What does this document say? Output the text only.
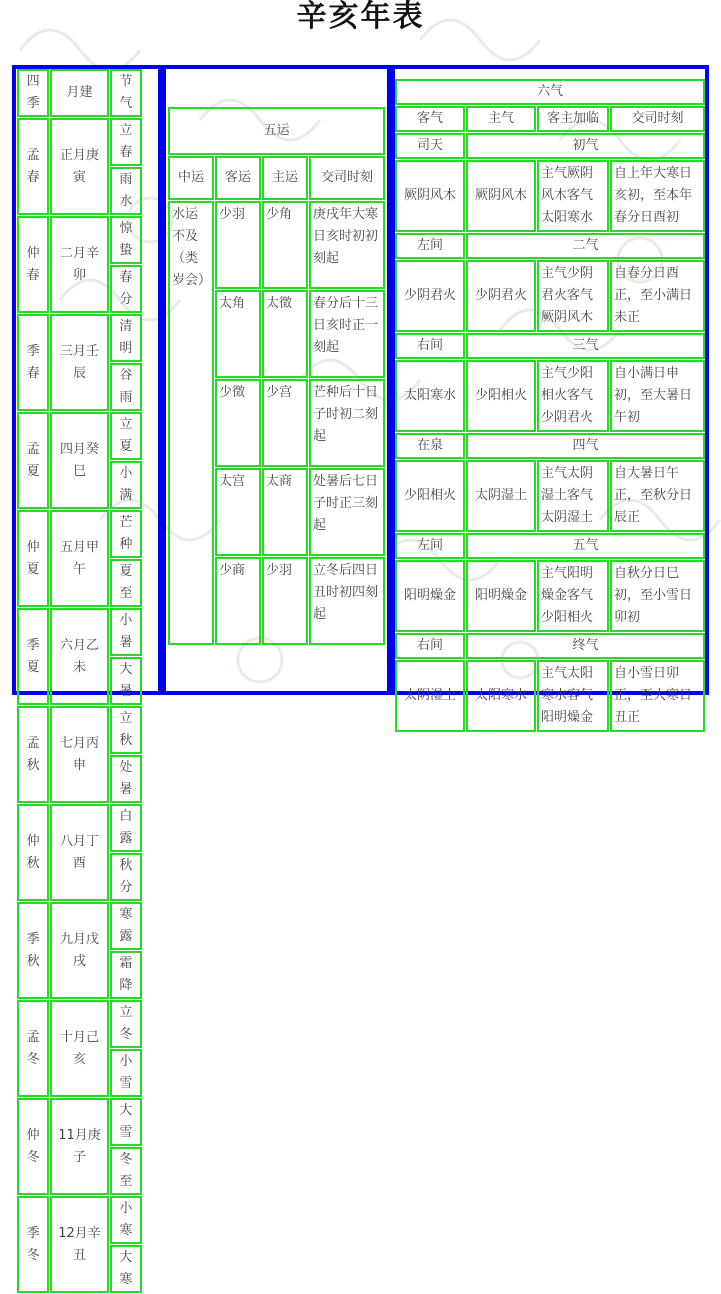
辛亥年表
四季	月建	节气
孟春	正月庚寅	立春
		雨水
仲春	二月辛卯	惊蛰
		春分
季春	三月壬辰	清明
		谷雨
孟夏	四月癸巳	立夏
		小满
仲夏	五月甲午	芒种
		夏至
季夏	六月乙未	小暑
		大暑
孟秋	七月丙申	立秋
		处暑
仲秋	八月丁酉	白露
		秋分
季秋	九月戊戌	寒露
		霜降
孟冬	十月己亥	立冬
		小雪
仲冬	11月庚子	大雪
		冬至
季冬	12月辛丑	小寒
		大寒
五运			
中运	客运	主运	交司时刻
水运不及（类岁会）	少羽	少角	庚戌年大寒日亥时初初刻起
	太角	太徵	春分后十三日亥时正一刻起
	少徵	少宫	芒种后十日子时初二刻起
	太宫	太商	处暑后七日子时正三刻起
	少商	少羽	立冬后四日丑时初四刻起
六气			
客气	主气	客主加临	交司时刻
司天	初气		
厥阴风木	厥阴风木	主气厥阴风木客气太阳寒水	自上年大寒日亥初，至本年春分日酉初
左间	二气		
少阴君火	少阴君火	主气少阴君火客气厥阴风木	自春分日酉正，至小满日未正
右间	三气		
太阳寒水	少阳相火	主气少阳相火客气少阴君火	自小满日申初，至大暑日午初
在泉	四气		
少阳相火	太阴湿土	主气太阴湿土客气太阴湿土	自大暑日午正，至秋分日辰正
左间	五气		
阳明燥金	阳明燥金	主气阳明燥金客气少阳相火	自秋分日巳初，至小雪日卯初
右间	终气		
太阴湿土	太阳寒水	主气太阳寒水客气阳明燥金	自小雪日卯正，至大寒日丑正
